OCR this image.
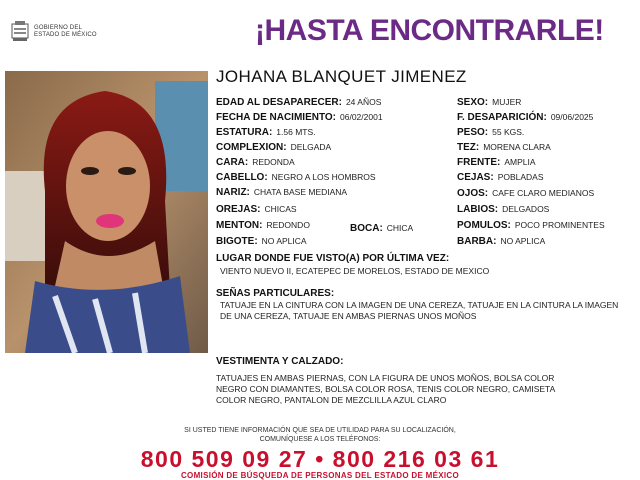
GOBIERNO DEL
ESTADO DE MÉXICO	¡HASTA ENCONTRARLE!
JOHANA BLANQUET JIMENEZ
EDAD AL DESAPARECER: 24 AÑOS
FECHA DE NACIMIENTO: 06/02/2001
ESTATURA: 1.56 MTS.
COMPLEXION: DELGADA
CARA: REDONDA
CABELLO: NEGRO A LOS HOMBROS
NARIZ: CHATA BASE MEDIANA
OREJAS: CHICAS
MENTON: REDONDO	BOCA: CHICA
BIGOTE: NO APLICA
SEXO: MUJER
F. DESAPARICIÓN: 09/06/2025
PESO: 55 KGS.
TEZ: MORENA CLARA
FRENTE: AMPLIA
CEJAS: POBLADAS
OJOS: CAFE CLARO MEDIANOS
LABIOS: DELGADOS
POMULOS: POCO PROMINENTES
BARBA: NO APLICA
LUGAR DONDE FUE VISTO(A) POR ÚLTIMA VEZ:
VIENTO NUEVO II, ECATEPEC DE MORELOS, ESTADO DE MEXICO
SEÑAS PARTICULARES:
TATUAJE EN LA CINTURA CON LA IMAGEN DE UNA CEREZA, TATUAJE EN LA CINTURA LA IMAGEN DE UNA CEREZA, TATUAJE EN AMBAS PIERNAS UNOS MOÑOS
VESTIMENTA Y CALZADO:
TATUAJES EN AMBAS PIERNAS, CON LA FIGURA DE UNOS MOÑOS, BOLSA COLOR NEGRO CON DIAMANTES, BOLSA COLOR ROSA, TENIS COLOR NEGRO, CAMISETA COLOR NEGRO, PANTALON DE MEZCLILLA AZUL CLARO
SI USTED TIENE INFORMACIÓN QUE SEA DE UTILIDAD PARA SU LOCALIZACIÓN,
COMUNÍQUESE A LOS TELÉFONOS:
800 509 09 27 • 800 216 03 61
COMISIÓN DE BÚSQUEDA DE PERSONAS DEL ESTADO DE MÉXICO
